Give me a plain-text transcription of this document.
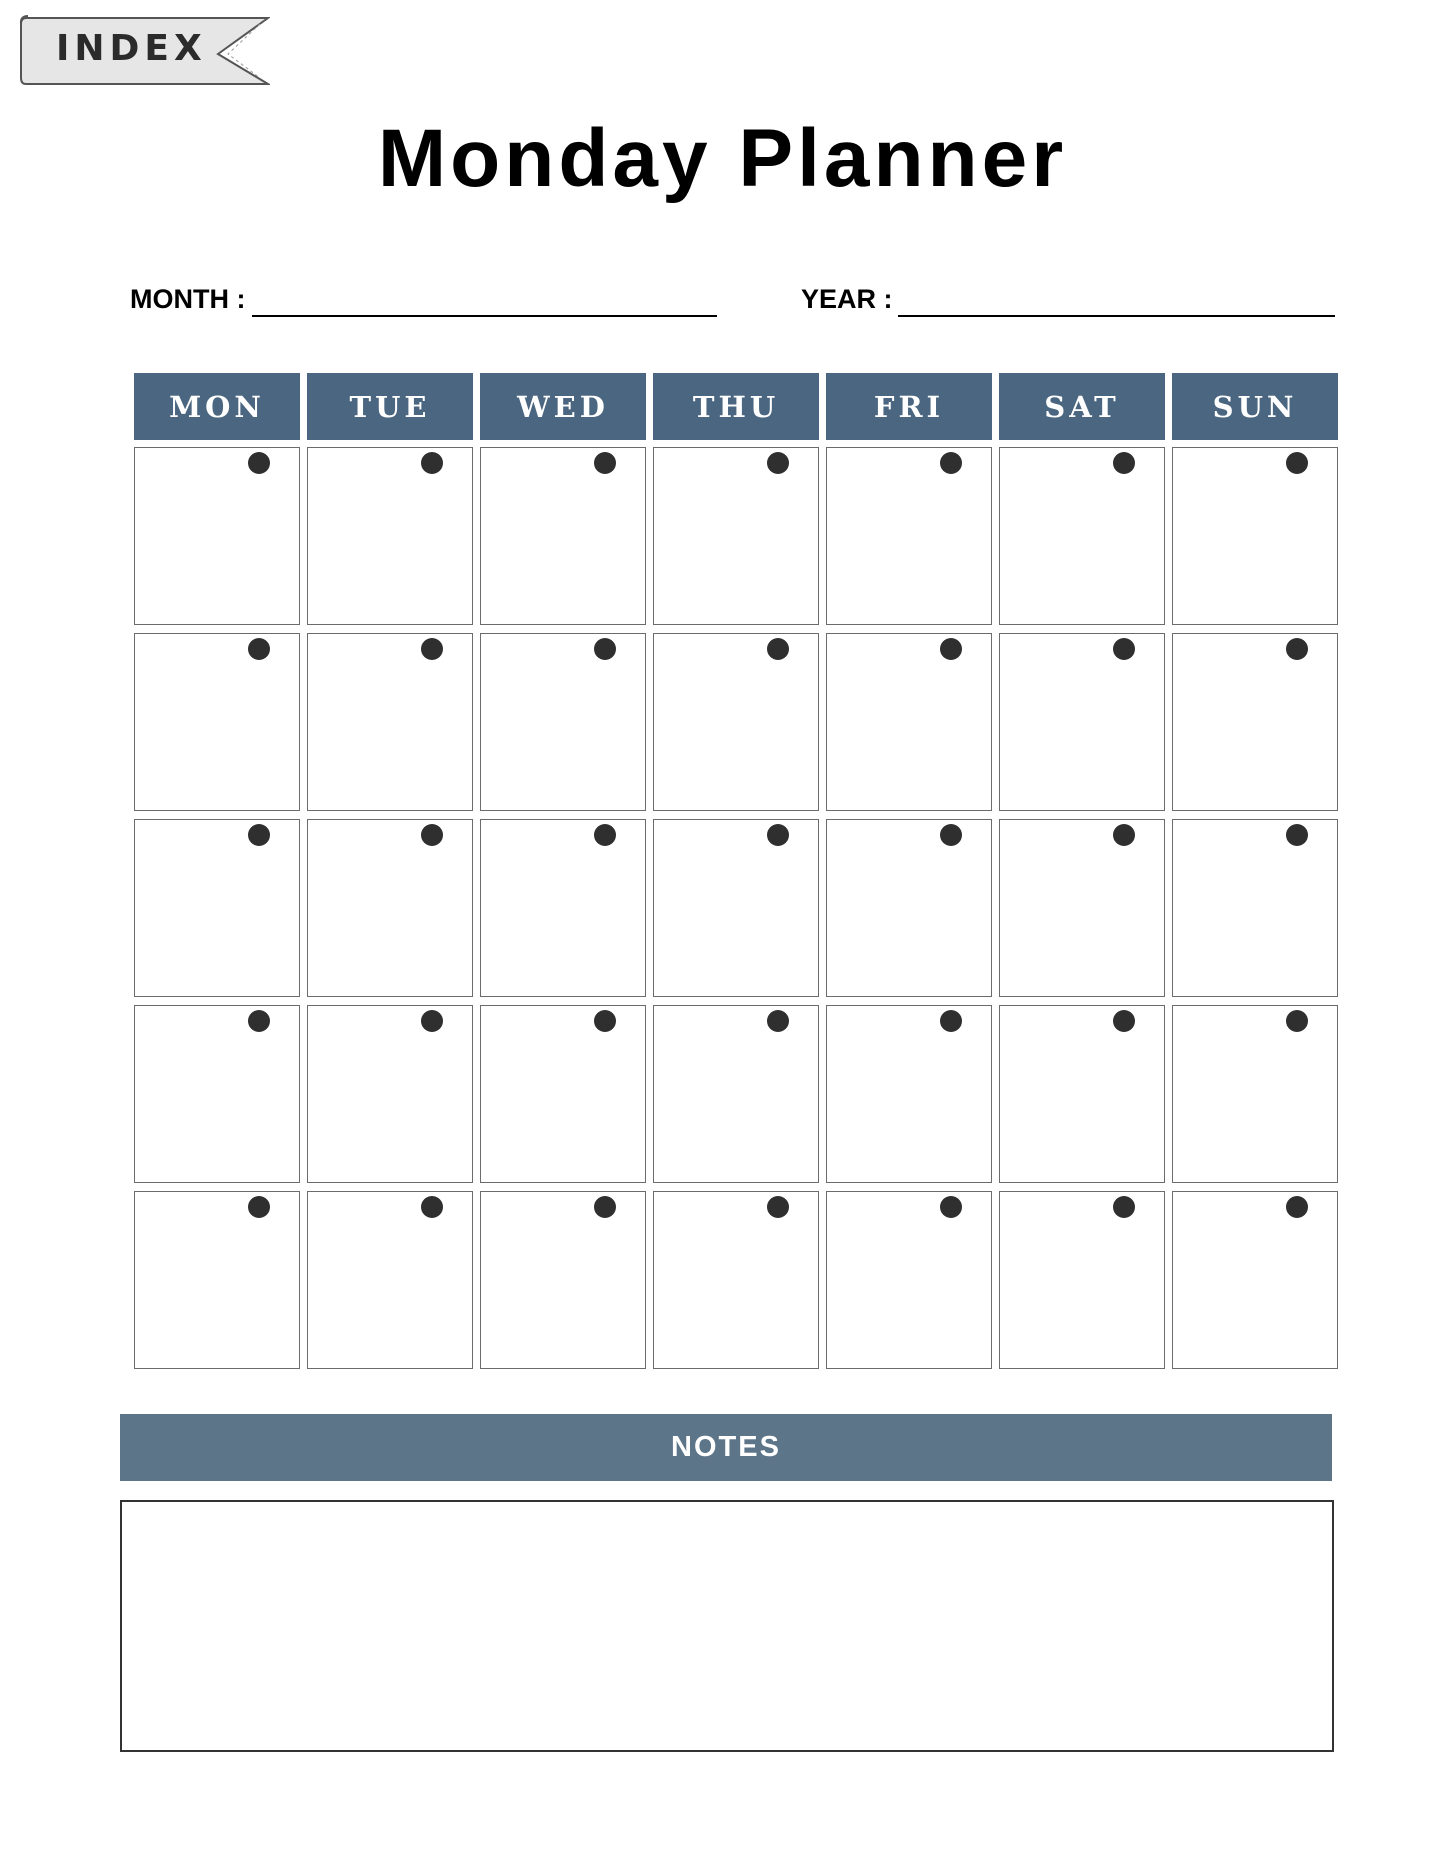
INDEX
Monday Planner
MONTH :	YEAR :
MON	TUE	WED	THU	FRI	SAT	SUN
NOTES
